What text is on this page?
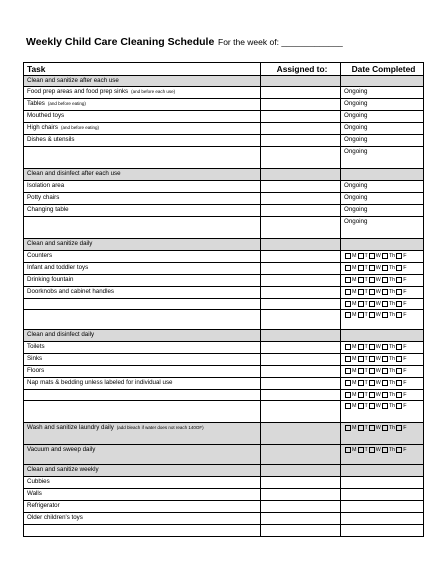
Weekly Child Care Cleaning Schedule For the week of: _____________
Task	Assigned to:	Date Completed
Clean and sanitize after each use		
Food prep areas and food prep sinks (and before each use)		Ongoing
Tables (and before eating)		Ongoing
Mouthed toys		Ongoing
High chairs (and before eating)		Ongoing
Dishes & utensils		Ongoing
		Ongoing
Clean and disinfect after each use		
Isolation area		Ongoing
Potty chairs		Ongoing
Changing table		Ongoing
		Ongoing
Clean and sanitize daily		
Counters		M T W Th F
Infant and toddler toys		M T W Th F
Drinking fountain		M T W Th F
Doorknobs and cabinet handles		M T W Th F
		M T W Th F
		M T W Th F
Clean and disinfect daily		
Toilets		M T W Th F
Sinks		M T W Th F
Floors		M T W Th F
Nap mats & bedding unless labeled for individual use		M T W Th F
		M T W Th F
		M T W Th F
Wash and sanitize laundry daily (add bleach if water does not reach 140OF)		M T W Th F
Vacuum and sweep daily		M T W Th F
Clean and sanitize weekly		
Cubbies		
Walls		
Refrigerator		
Older children's toys		
